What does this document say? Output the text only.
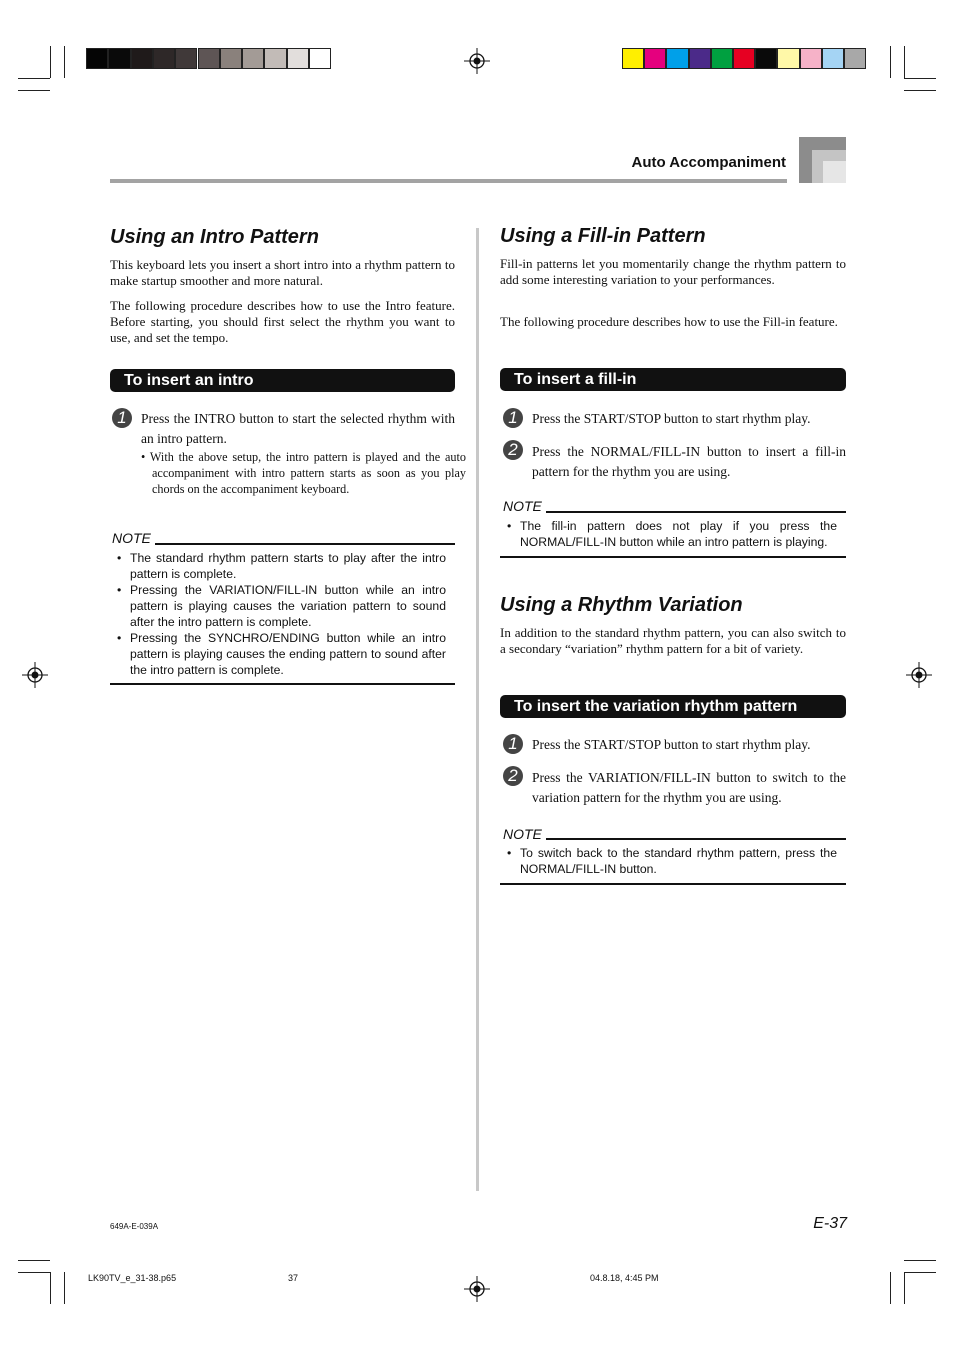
Auto Accompaniment
Using an Intro Pattern

This keyboard lets you insert a short intro into a rhythm pattern to make startup smoother and more natural.

The following procedure describes how to use the Intro feature. Before starting, you should first select the rhythm you want to use, and set the tempo.

To insert an intro
1	Press the INTRO button to start the selected rhythm with an intro pattern.

• With the above setup, the intro pattern is played and the auto accompaniment with intro pattern starts as soon as you play chords on the accompaniment keyboard.

NOTE
• The standard rhythm pattern starts to play after the intro pattern is complete.
• Pressing the VARIATION/FILL-IN button while an intro pattern is playing causes the variation pattern to sound after the intro pattern is complete.
• Pressing the SYNCHRO/ENDING button while an intro pattern is playing causes the ending pattern to sound after the intro pattern is complete.
Using a Fill-in Pattern

Fill-in patterns let you momentarily change the rhythm pattern to add some interesting variation to your performances.

The following procedure describes how to use the Fill-in feature.

To insert a fill-in
1	Press the START/STOP button to start rhythm play.

2	Press the NORMAL/FILL-IN button to insert a fill-in pattern for the rhythm you are using.

NOTE
• The fill-in pattern does not play if you press the NORMAL/FILL-IN button while an intro pattern is playing.
Using a Rhythm Variation

In addition to the standard rhythm pattern, you can also switch to a secondary “variation” rhythm pattern for a bit of variety.

To insert the variation rhythm pattern
1	Press the START/STOP button to start rhythm play.

2	Press the VARIATION/FILL-IN button to switch to the variation pattern for the rhythm you are using.

NOTE
• To switch back to the standard rhythm pattern, press the NORMAL/FILL-IN button.
649A-E-039A	E-37
LK90TV_e_31-38.p65	37	04.8.18, 4:45 PM
